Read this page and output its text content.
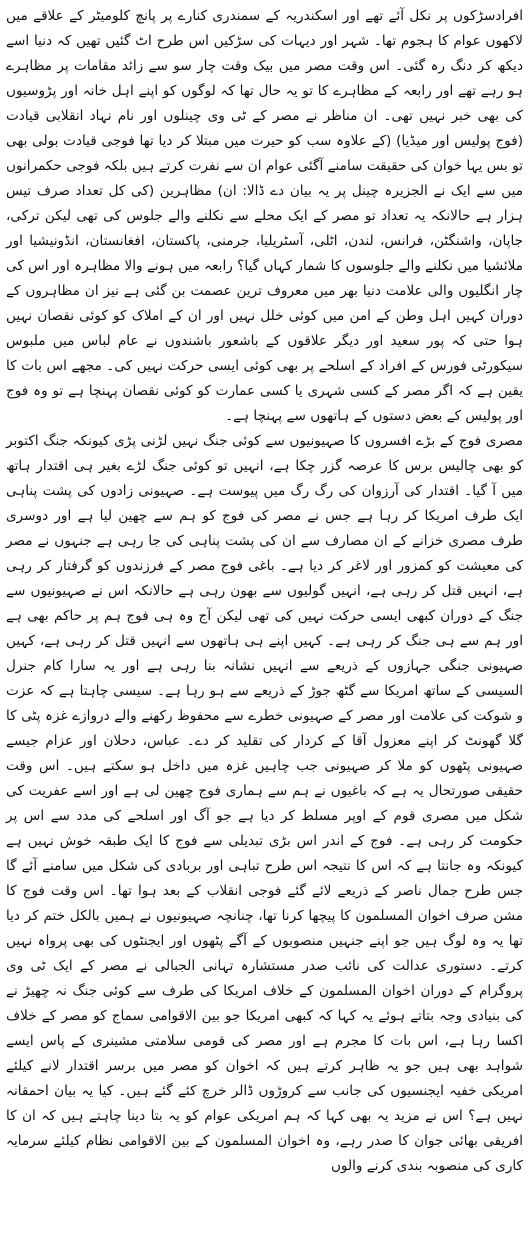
افرادسڑکوں پر نکل آئے تھے اور اسکندریہ کے سمندری کنارے پر پانچ کلومیٹر کے علاقے میں لاکھوں عوام کا ہجوم تھا۔ شہر اور دیہات کی سڑکیں اس طرح اٹ گئیں تھیں کہ دنیا اسے دیکھ کر دنگ رہ گئی۔ اس وقت مصر میں بیک وقت چار سو سے زائد مقامات پر مظاہرے ہو رہے تھے اور رابعہ کے مظاہرے کا تو یہ حال تھا کہ لوگوں کو اپنے اہل خانہ اور پڑوسیوں کی بھی خبر نہیں تھی۔ ان مناظر نے مصر کے ٹی وی چینلوں اور نام نہاد انقلابی قیادت (فوج پولیس اور میڈیا) (کے علاوہ سب کو حیرت میں مبتلا کر دیا تھا فوجی قیادت بولی بھی تو بس یہا خوان کی حقیقت سامنے آگئی عوام ان سے نفرت کرتے ہیں بلکہ فوجی حکمرانوں میں سے ایک نے الجزیرہ چینل پر یہ بیان دے ڈالا: ان) مظاہرین (کی کل تعداد صرف تیس ہزار ہے حالانکہ یہ تعداد تو مصر کے ایک محلے سے نکلنے والے جلوس کی تھی لیکن ترکی، جاپان، واشنگٹن، فرانس، لندن، اٹلی، آسٹریلیا، جرمنی، پاکستان، افغانستان، انڈونیشیا اور ملائشیا میں نکلنے والے جلوسوں کا شمار کہاں گیا؟ رابعہ میں ہونے والا مظاہرہ اور اس کی چار انگلیوں والی علامت دنیا بھر میں معروف ترین عصمت بن گئی ہے نیز ان مظاہروں کے دوران کہیں اہل وطن کے امن میں کوئی خلل نہیں اور ان کے املاک کو کوئی نقصان نہیں ہوا حتی کہ پور سعید اور دیگر علاقوں کے باشعور باشندوں نے عام لباس میں ملبوس سیکورٹی فورس کے افراد کے اسلحے پر بھی کوئی ایسی حرکت نہیں کی۔ مجھے اس بات کا یقین ہے کہ اگر مصر کے کسی شہری یا کسی عمارت کو کوئی نقصان پہنچا ہے تو وہ فوج اور پولیس کے بعض دستوں کے ہاتھوں سے پہنچا ہے۔

مصری فوج کے بڑے افسروں کا صہیونیوں سے کوئی جنگ نہیں لڑنی پڑی کیونکہ جنگ اکتوبر کو بھی چالیس برس کا عرصہ گزر چکا ہے، انہیں تو کوئی جنگ لڑے بغیر ہی اقتدار ہاتھ میں آ گیا۔ اقتدار کی آرزوان کی رگ رگ میں پیوست ہے۔ صہیونی زادوں کی پشت پناہی ایک طرف امریکا کر رہا ہے جس نے مصر کی فوج کو ہم سے چھین لیا ہے اور دوسری طرف مصری خزانے کے ان مصارف سے ان کی پشت پناہی کی جا رہی ہے جنہوں نے مصر کی معیشت کو کمزور اور لاغر کر دیا ہے۔ باغی فوج مصر کے فرزندوں کو گرفتار کر رہی ہے، انہیں قتل کر رہی ہے، انہیں گولیوں سے بھون رہی ہے حالانکہ اس نے صہیونیوں سے جنگ کے دوران کبھی ایسی حرکت نہیں کی تھی لیکن آج وہ ہی فوج ہم پر حاکم بھی ہے اور ہم سے ہی جنگ کر رہی ہے۔ کہیں اپنے ہی ہاتھوں سے انہیں قتل کر رہی ہے، کہیں صہیونی جنگی جہازوں کے ذریعے سے انہیں نشانہ بنا رہی ہے اور یہ سارا کام جنرل السیسی کے ساتھ امریکا سے گٹھ جوڑ کے ذریعے سے ہو رہا ہے۔ سیسی چاہتا ہے کہ عزت و شوکت کی علامت اور مصر کے صہیونی خطرے سے محفوظ رکھنے والے دروازے غزہ پٹی کا گلا گھونٹ کر اپنے معزول آقا کے کردار کی تقلید کر دے۔ عباس، دحلان اور عزام جیسے صہیونی پٹھوں کو ملا کر صہیونی جب چاہیں غزہ میں داخل ہو سکتے ہیں۔ اس وقت حقیقی صورتحال یہ ہے کہ باغیوں نے ہم سے ہماری فوج چھین لی ہے اور اسے عفریت کی شکل میں مصری قوم کے اوپر مسلط کر دیا ہے جو آگ اور اسلحے کی مدد سے اس پر حکومت کر رہی ہے۔ فوج کے اندر اس بڑی تبدیلی سے فوج کا ایک طبقہ خوش نہیں ہے کیونکہ وہ جانتا ہے کہ اس کا نتیجہ اس طرح تباہی اور بربادی کی شکل میں سامنے آئے گا جس طرح جمال ناصر کے ذریعے لائے گئے فوجی انقلاب کے بعد ہوا تھا۔ اس وقت فوج کا مشن صرف اخوان المسلمون کا پیچھا کرنا تھا، چنانچہ صہیونیوں نے ہمیں بالکل ختم کر دیا تھا یہ وہ لوگ ہیں جو اپنے جنہیں منصوبوں کے آگے پٹھوں اور ایجنٹوں کی بھی پرواہ نہیں کرتے۔ دستوری عدالت کی نائب صدر مستشارہ تہانی الجبالی نے مصر کے ایک ٹی وی پروگرام کے دوران اخوان المسلمون کے خلاف امریکا کی طرف سے کوئی جنگ نہ چھیڑ نے کی بنیادی وجہ بتاتے ہوئے یہ کہا کہ کبھی امریکا جو بین الاقوامی سماج کو مصر کے خلاف اکسا رہا ہے، اس بات کا مجرم ہے اور مصر کی قومی سلامتی مشینری کے پاس ایسے شواہد بھی ہیں جو یہ ظاہر کرتے ہیں کہ اخوان کو مصر میں برسر اقتدار لانے کیلئے امریکی خفیہ ایجنسیوں کی جانب سے کروڑوں ڈالر خرچ کئے گئے ہیں۔ کیا یہ بیان احمقانہ نہیں ہے؟ اس نے مزید یہ بھی کہا کہ ہم امریکی عوام کو یہ بتا دینا چاہتے ہیں کہ ان کا افریقی بھائی جوان کا صدر رہے، وہ اخوان المسلمون کے بین الاقوامی نظام کیلئے سرمایہ کاری کی منصوبہ بندی کرنے والوں
